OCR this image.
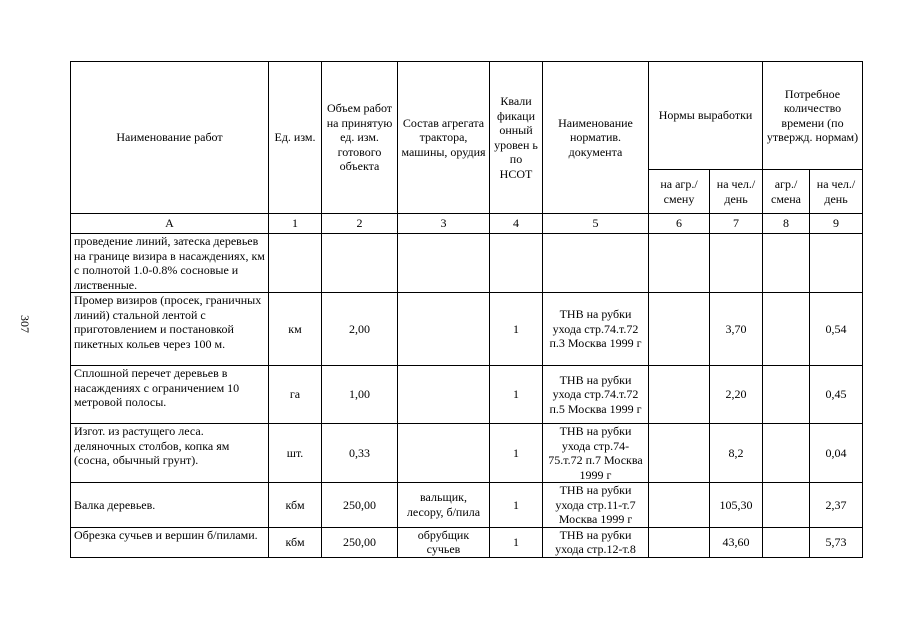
307
Наименование работ	Ед. изм.	Объем работ на принятую ед. изм. готового объекта	Состав агрегата трактора, машины, орудия	Квали фикаци онный уровен ь по НСОТ	Наименование норматив. документа	Нормы выработки		Потребное количество времени (по утвержд. нормам)	
						на агр./ смену	на чел./ день	агр./ смена	на чел./ день
А	1	2	3	4	5	6	7	8	9
проведение линий, затеска деревьев на границе визира в насаждениях, км с полнотой 1.0-0.8% сосновые и лиственные.									
Промер визиров (просек, граничных линий) стальной лентой с приготовлением и постановкой пикетных кольев через 100 м.	км	2,00		1	ТНВ на рубки ухода стр.74.т.72 п.3 Москва 1999 г		3,70		0,54
Сплошной перечет деревьев в насаждениях с ограничением 10 метровой полосы.	га	1,00		1	ТНВ на рубки ухода стр.74.т.72 п.5 Москва 1999 г		2,20		0,45
Изгот. из растущего леса. деляночных столбов, копка ям (сосна, обычный грунт).	шт.	0,33		1	ТНВ на рубки ухода стр.74-75.т.72 п.7 Москва 1999 г		8,2		0,04
Валка деревьев.	кбм	250,00	вальщик, лесору, б/пила	1	ТНВ на рубки ухода стр.11-т.7 Москва 1999 г		105,30		2,37
Обрезка сучьев и вершин б/пилами.	кбм	250,00	обрубщик сучьев	1	ТНВ на рубки ухода стр.12-т.8		43,60		5,73
